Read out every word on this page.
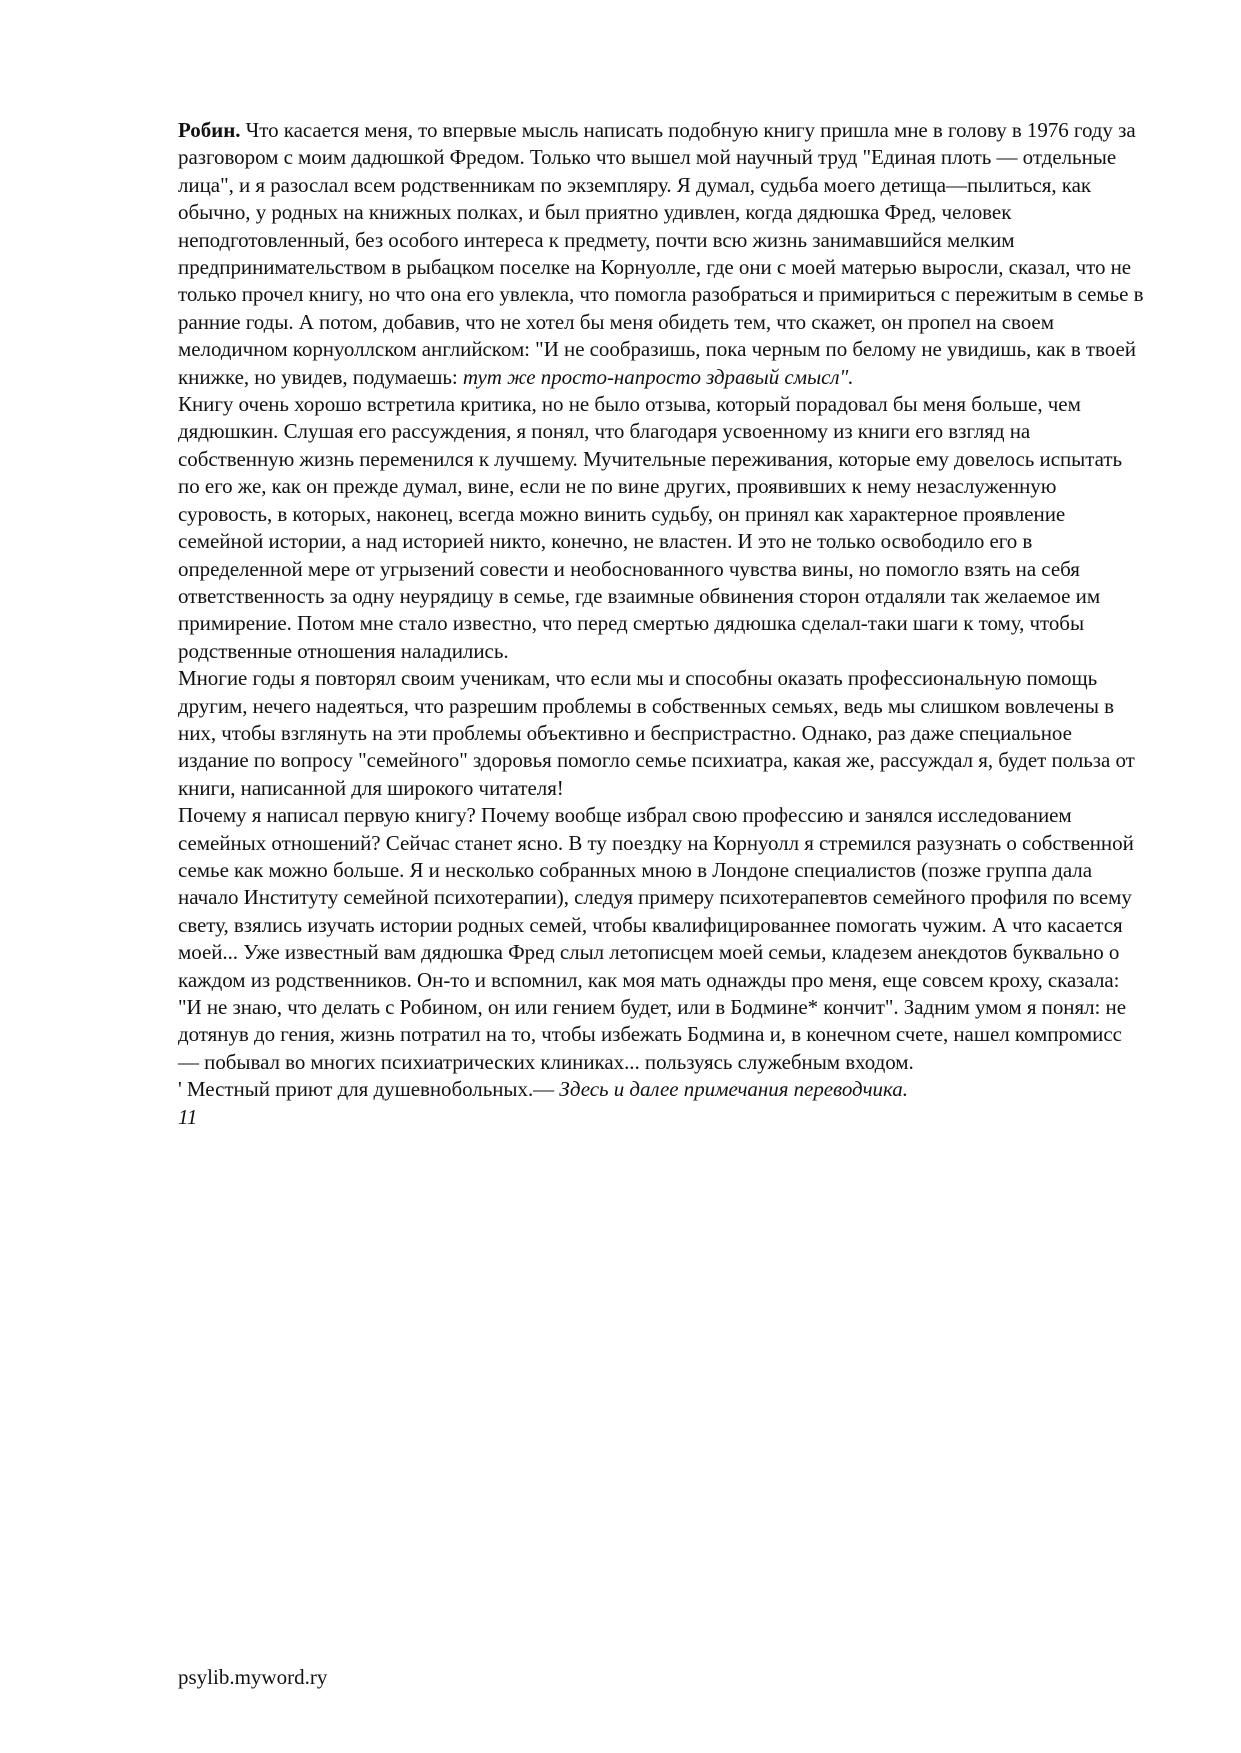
Робин. Что касается меня, то впервые мысль написать подобную книгу пришла мне в голову в 1976 году за разговором с моим дадюшкой Фредом. Только что вышел мой научный труд "Единая плоть — отдельные лица", и я разослал всем родственникам по экземпляру. Я думал, судьба моего детища—пылиться, как обычно, у родных на книжных полках, и был приятно удивлен, когда дядюшка Фред, человек неподготовленный, без особого интереса к предмету, почти всю жизнь занимавшийся мелким предпринимательством в рыбацком поселке на Корнуолле, где они с моей матерью выросли, сказал, что не только прочел книгу, но что она его увлекла, что помогла разобраться и примириться с пережитым в семье в ранние годы. А потом, добавив, что не хотел бы меня обидеть тем, что скажет, он пропел на своем мелодичном корнуоллском английском: "И не сообразишь, пока черным по белому не увидишь, как в твоей книжке, но увидев, подумаешь: тут же просто-напросто здравый смысл".

Книгу очень хорошо встретила критика, но не было отзыва, который порадовал бы меня больше, чем дядюшкин. Слушая его рассуждения, я понял, что благодаря усвоенному из книги его взгляд на собственную жизнь переменился к лучшему. Мучительные переживания, которые ему довелось испытать по его же, как он прежде думал, вине, если не по вине других, проявивших к нему незаслуженную суровость, в которых, наконец, всегда можно винить судьбу, он принял как характерное проявление семейной истории, а над историей никто, конечно, не властен. И это не только освободило его в определенной мере от угрызений совести и необоснованного чувства вины, но помогло взять на себя ответственность за одну неурядицу в семье, где взаимные обвинения сторон отдаляли так желаемое им примирение. Потом мне стало известно, что перед смертью дядюшка сделал-таки шаги к тому, чтобы родственные отношения наладились.

Многие годы я повторял своим ученикам, что если мы и способны оказать профессиональную помощь другим, нечего надеяться, что разрешим проблемы в собственных семьях, ведь мы слишком вовлечены в них, чтобы взглянуть на эти проблемы объективно и беспристрастно. Однако, раз даже специальное издание по вопросу "семейного" здоровья помогло семье психиатра, какая же, рассуждал я, будет польза от книги, написанной для широкого читателя!

Почему я написал первую книгу? Почему вообще избрал свою профессию и занялся исследованием семейных отношений? Сейчас станет ясно. В ту поездку на Корнуолл я стремился разузнать о собственной семье как можно больше. Я и несколько собранных мною в Лондоне специалистов (позже группа дала начало Институту семейной психотерапии), следуя примеру психотерапевтов семейного профиля по всему свету, взялись изучать истории родных семей, чтобы квалифицированнее помогать чужим. А что касается моей... Уже известный вам дядюшка Фред слыл летописцем моей семьи, кладезем анекдотов буквально о каждом из родственников. Он-то и вспомнил, как моя мать однажды про меня, еще совсем кроху, сказала: "И не знаю, что делать с Робином, он или гением будет, или в Бодмине* кончит". Задним умом я понял: не дотянув до гения, жизнь потратил на то, чтобы избежать Бодмина и, в конечном счете, нашел компромисс — побывал во многих психиатрических клиниках... пользуясь служебным входом.

' Местный приют для душевнобольных.— Здесь и далее примечания переводчика.

11

psylib.myword.ry
